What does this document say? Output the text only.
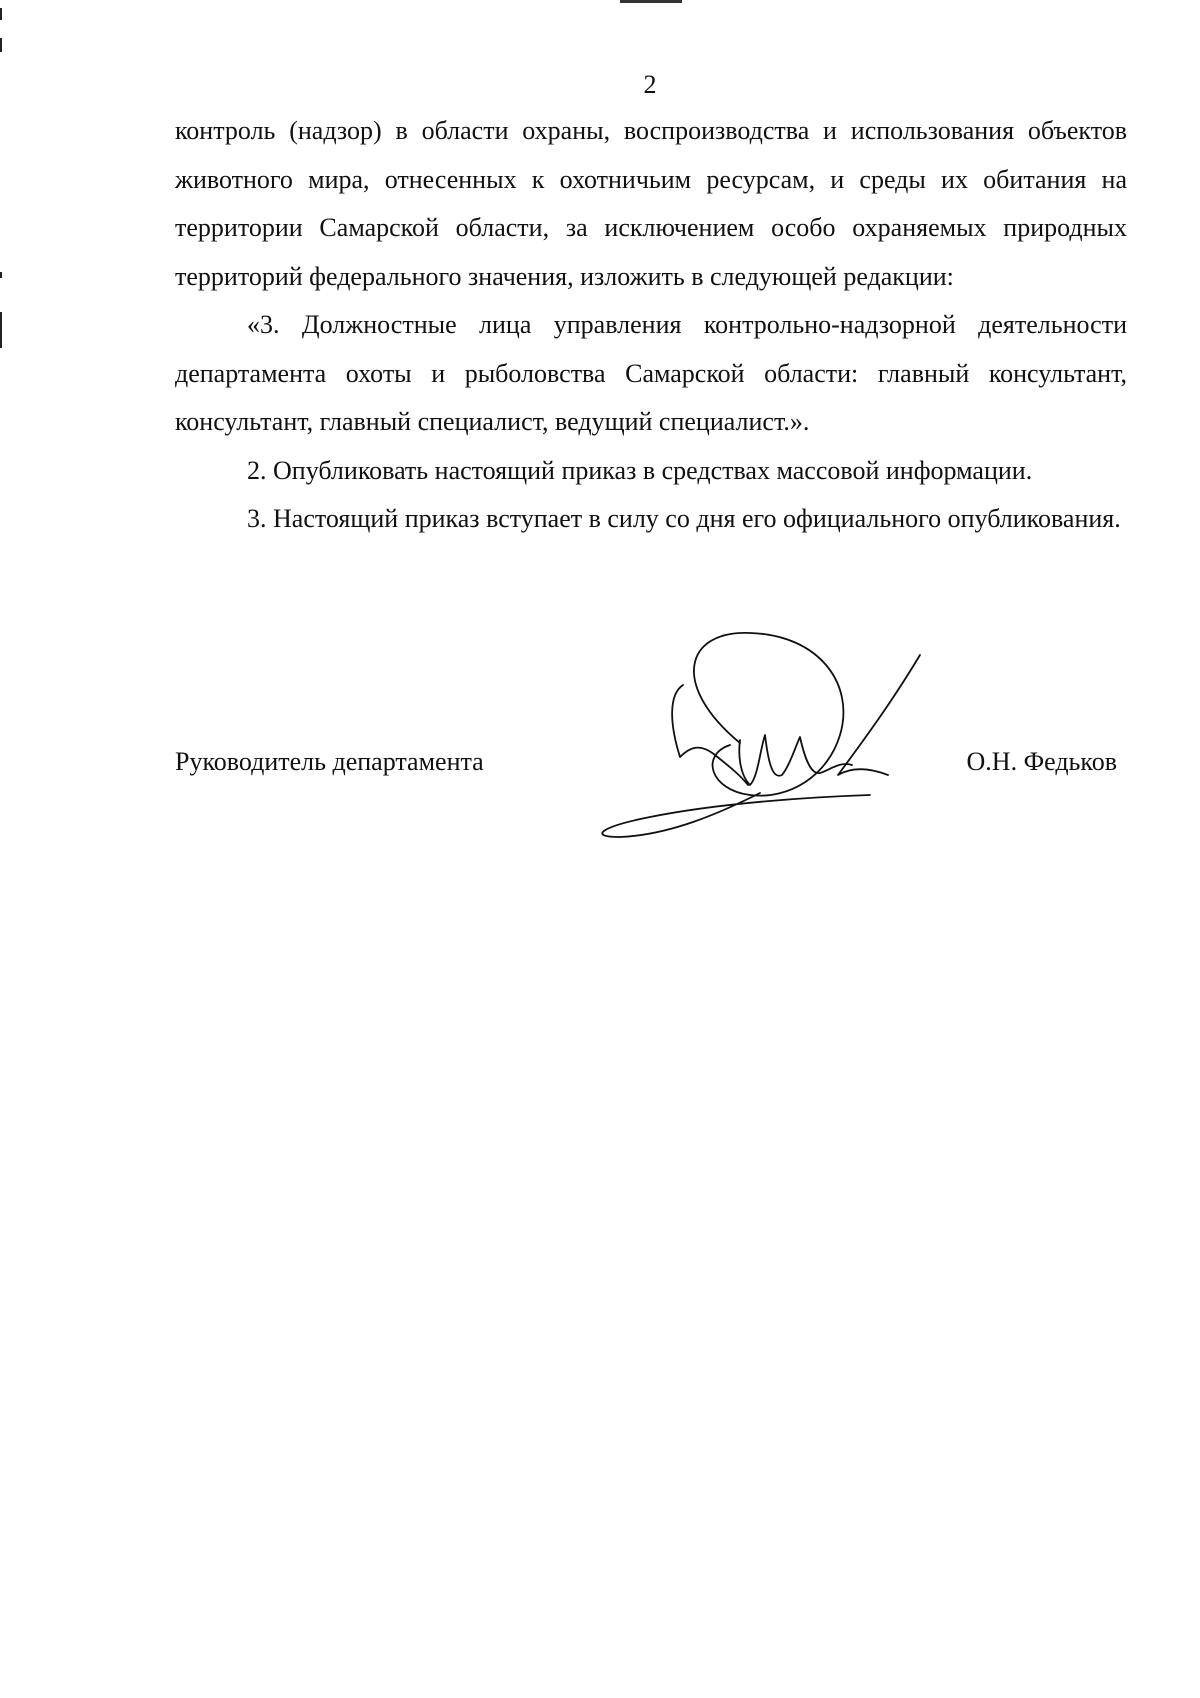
2

контроль (надзор) в области охраны, воспроизводства и использования объектов животного мира, отнесенных к охотничьим ресурсам, и среды их обитания на территории Самарской области, за исключением особо охраняемых природных территорий федерального значения, изложить в следующей редакции:

«3. Должностные лица управления контрольно-надзорной деятельности департамента охоты и рыболовства Самарской области: главный консультант, консультант, главный специалист, ведущий специалист.».

2. Опубликовать настоящий приказ в средствах массовой информации.

3. Настоящий приказ вступает в силу со дня его официального опубликования.

Руководитель департамента	О.Н. Федьков
